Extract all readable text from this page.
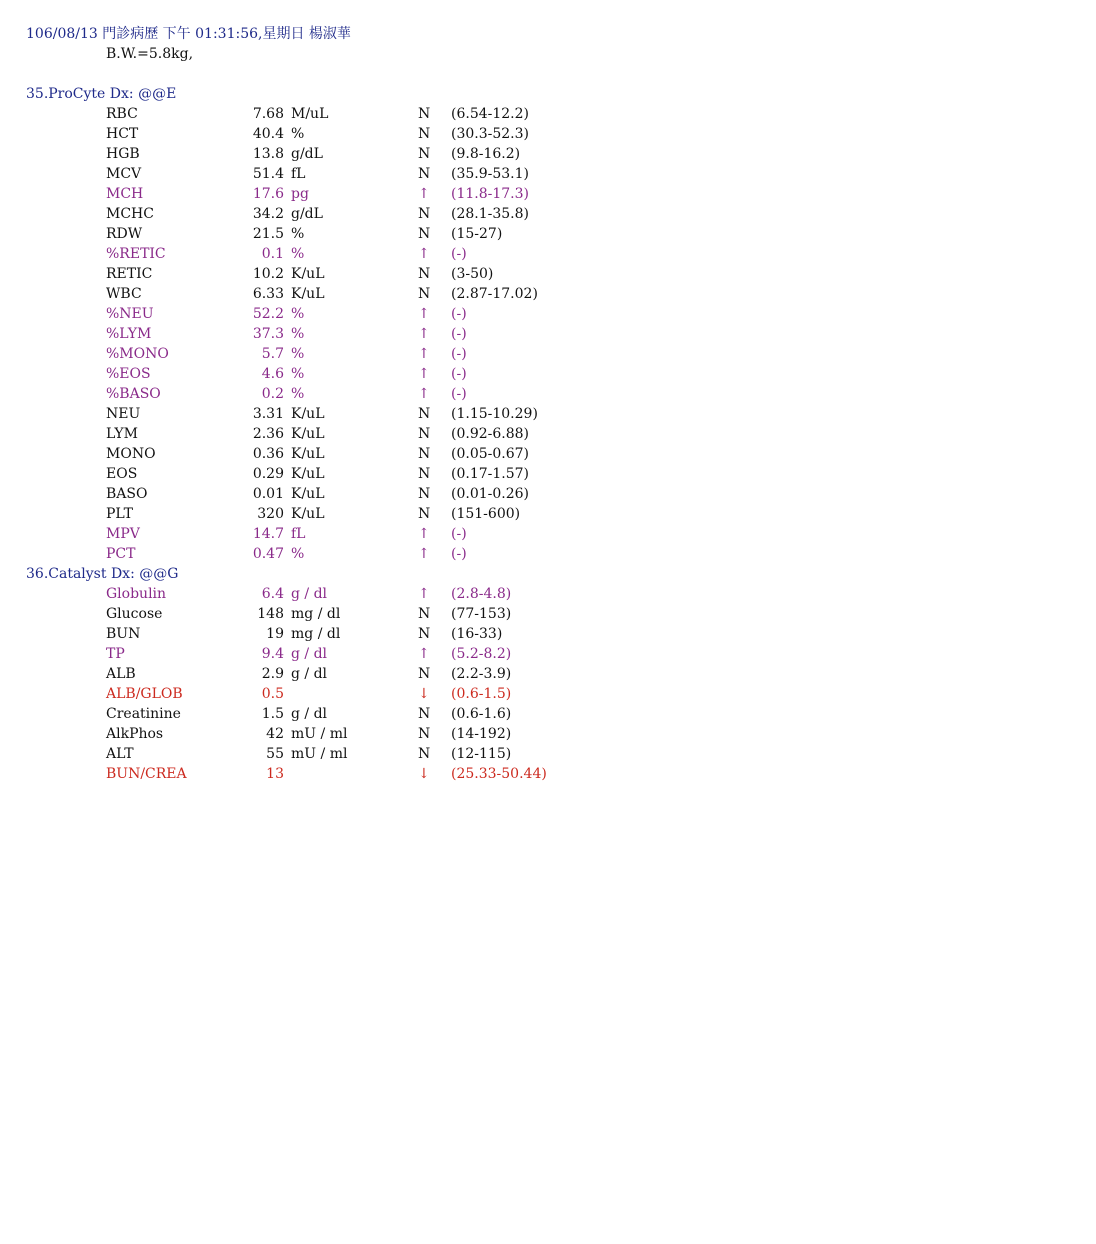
106/08/13 門診病歷 下午 01:31:56,星期日 楊淑華
B.W.=5.8kg,
35.ProCyte Dx: @@E
RBC	7.68 M/uL	N (6.54-12.2)
HCT	40.4 %	N (30.3-52.3)
HGB	13.8 g/dL	N (9.8-16.2)
MCV	51.4 fL	N (35.9-53.1)
MCH	17.6 pg	↑ (11.8-17.3)
MCHC	34.2 g/dL	N (28.1-35.8)
RDW	21.5 %	N (15-27)
%RETIC	0.1 %	↑ (-)
RETIC	10.2 K/uL	N (3-50)
WBC	6.33 K/uL	N (2.87-17.02)
%NEU	52.2 %	↑ (-)
%LYM	37.3 %	↑ (-)
%MONO	5.7 %	↑ (-)
%EOS	4.6 %	↑ (-)
%BASO	0.2 %	↑ (-)
NEU	3.31 K/uL	N (1.15-10.29)
LYM	2.36 K/uL	N (0.92-6.88)
MONO	0.36 K/uL	N (0.05-0.67)
EOS	0.29 K/uL	N (0.17-1.57)
BASO	0.01 K/uL	N (0.01-0.26)
PLT	320 K/uL	N (151-600)
MPV	14.7 fL	↑ (-)
PCT	0.47 %	↑ (-)
36.Catalyst Dx: @@G
Globulin	6.4 g / dl	↑ (2.8-4.8)
Glucose	148 mg / dl	N (77-153)
BUN	19 mg / dl	N (16-33)
TP	9.4 g / dl	↑ (5.2-8.2)
ALB	2.9 g / dl	N (2.2-3.9)
ALB/GLOB	0.5	↓ (0.6-1.5)
Creatinine	1.5 g / dl	N (0.6-1.6)
AlkPhos	42 mU / ml	N (14-192)
ALT	55 mU / ml	N (12-115)
BUN/CREA	13	↓ (25.33-50.44)
